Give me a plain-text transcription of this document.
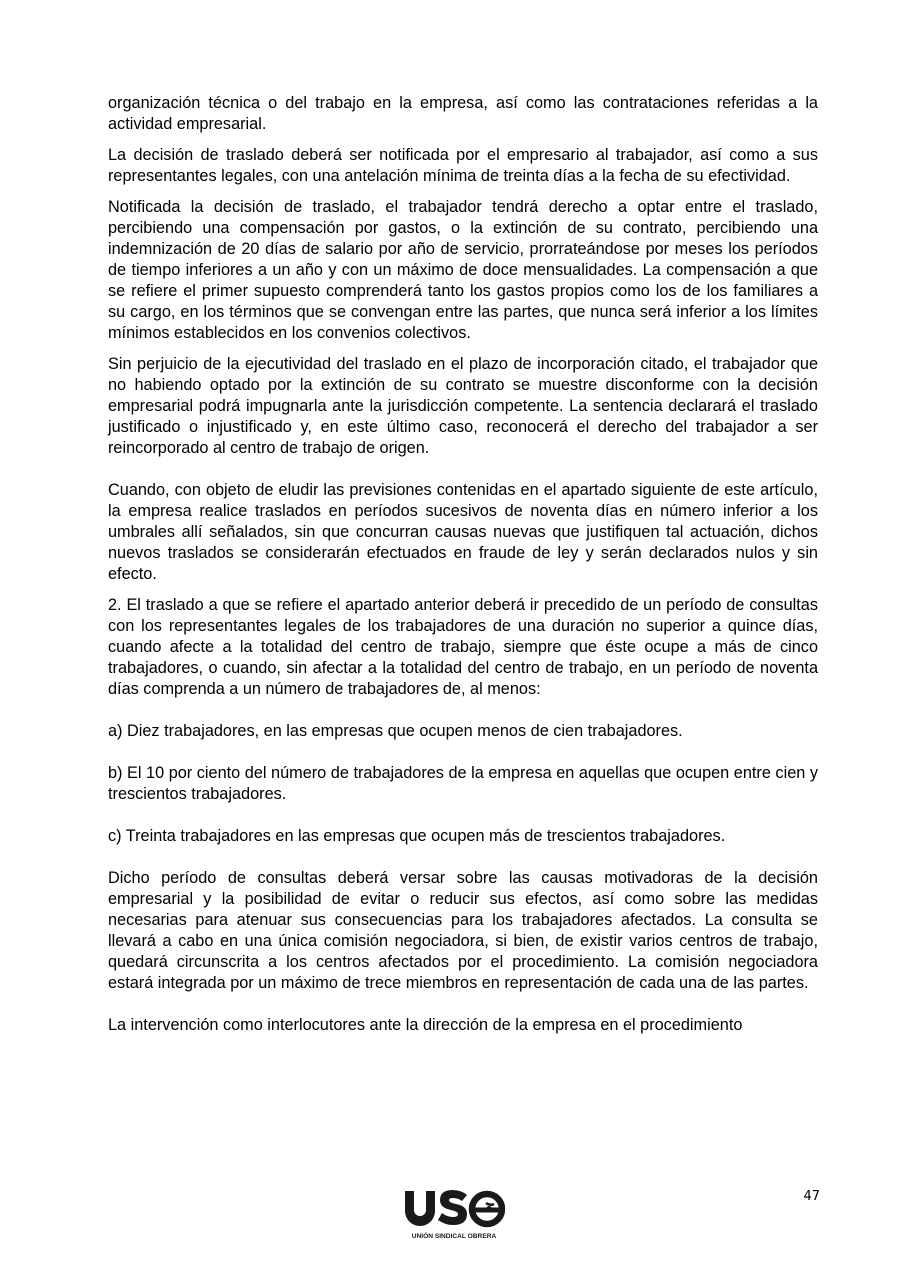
organización técnica o del trabajo en la empresa, así como las contrataciones referidas a la actividad empresarial.

La decisión de traslado deberá ser notificada por el empresario al trabajador, así como a sus representantes legales, con una antelación mínima de treinta días a la fecha de su efectividad.

Notificada la decisión de traslado, el trabajador tendrá derecho a optar entre el traslado, percibiendo una compensación por gastos, o la extinción de su contrato, percibiendo una indemnización de 20 días de salario por año de servicio, prorrateándose por meses los períodos de tiempo inferiores a un año y con un máximo de doce mensualidades. La compensación a que se refiere el primer supuesto comprenderá tanto los gastos propios como los de los familiares a su cargo, en los términos que se convengan entre las partes, que nunca será inferior a los límites mínimos establecidos en los convenios colectivos.

Sin perjuicio de la ejecutividad del traslado en el plazo de incorporación citado, el trabajador que no habiendo optado por la extinción de su contrato se muestre disconforme con la decisión empresarial podrá impugnarla ante la jurisdicción competente. La sentencia declarará el traslado justificado o injustificado y, en este último caso, reconocerá el derecho del trabajador a ser reincorporado al centro de trabajo de origen.

Cuando, con objeto de eludir las previsiones contenidas en el apartado siguiente de este artículo, la empresa realice traslados en períodos sucesivos de noventa días en número inferior a los umbrales allí señalados, sin que concurran causas nuevas que justifiquen tal actuación, dichos nuevos traslados se considerarán efectuados en fraude de ley y serán declarados nulos y sin efecto.

2. El traslado a que se refiere el apartado anterior deberá ir precedido de un período de consultas con los representantes legales de los trabajadores de una duración no superior a quince días, cuando afecte a la totalidad del centro de trabajo, siempre que éste ocupe a más de cinco trabajadores, o cuando, sin afectar a la totalidad del centro de trabajo, en un período de noventa días comprenda a un número de trabajadores de, al menos:

a) Diez trabajadores, en las empresas que ocupen menos de cien trabajadores.

b) El 10 por ciento del número de trabajadores de la empresa en aquellas que ocupen entre cien y trescientos trabajadores.

c) Treinta trabajadores en las empresas que ocupen más de trescientos trabajadores.

Dicho período de consultas deberá versar sobre las causas motivadoras de la decisión empresarial y la posibilidad de evitar o reducir sus efectos, así como sobre las medidas necesarias para atenuar sus consecuencias para los trabajadores afectados. La consulta se llevará a cabo en una única comisión negociadora, si bien, de existir varios centros de trabajo, quedará circunscrita a los centros afectados por el procedimiento. La comisión negociadora estará integrada por un máximo de trece miembros en representación de cada una de las partes.

La intervención como interlocutores ante la dirección de la empresa en el procedimiento

UNIÓN SINDICAL OBRERA
47
